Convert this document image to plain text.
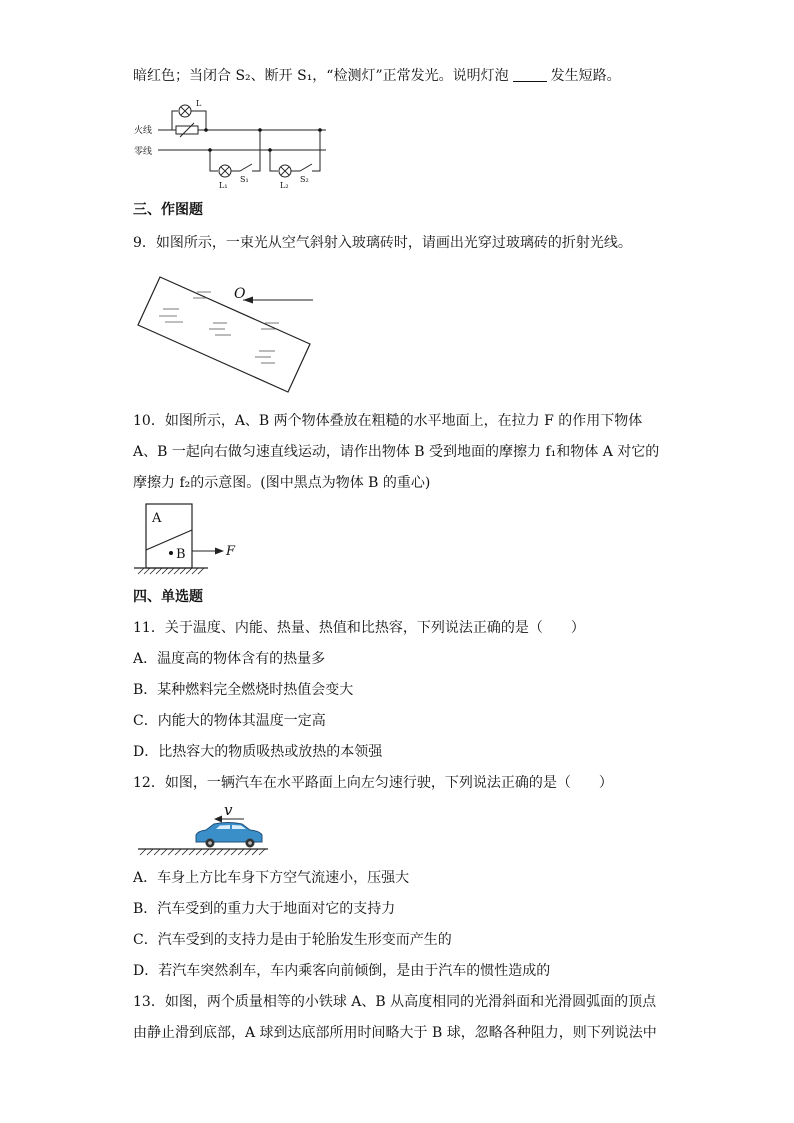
暗红色；当闭合 S₂、断开 S₁，“检测灯”正常发光。说明灯泡	发生短路。
火线
零线
L
L₁
S₁
L₂
S₂
三、作图题
9．如图所示，一束光从空气斜射入玻璃砖时，请画出光穿过玻璃砖的折射光线。
O
10．如图所示，A、B 两个物体叠放在粗糙的水平地面上，在拉力 F 的作用下物体
A、B 一起向右做匀速直线运动，请作出物体 B 受到地面的摩擦力 f₁和物体 A 对它的
摩擦力 f₂的示意图。(图中黑点为物体 B 的重心)
A
B	F
四、单选题
11．关于温度、内能、热量、热值和比热容，下列说法正确的是（　　）
A．温度高的物体含有的热量多
B．某种燃料完全燃烧时热值会变大
C．内能大的物体其温度一定高
D．比热容大的物质吸热或放热的本领强
12．如图，一辆汽车在水平路面上向左匀速行驶，下列说法正确的是（　　）
v
A．车身上方比车身下方空气流速小，压强大
B．汽车受到的重力大于地面对它的支持力
C．汽车受到的支持力是由于轮胎发生形变而产生的
D．若汽车突然刹车，车内乘客向前倾倒，是由于汽车的惯性造成的
13．如图，两个质量相等的小铁球 A、B 从高度相同的光滑斜面和光滑圆弧面的顶点
由静止滑到底部，A 球到达底部所用时间略大于 B 球，忽略各种阻力，则下列说法中
